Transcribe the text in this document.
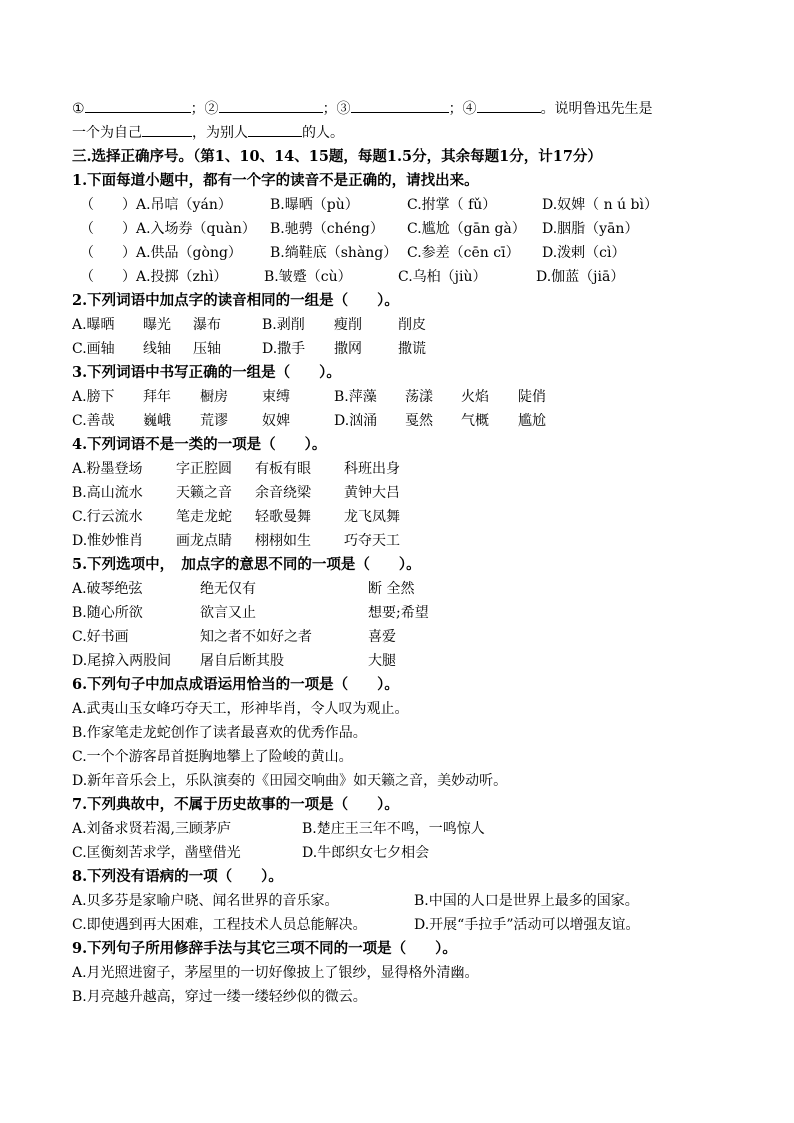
①	；②	；③	；④	。说明鲁迅先生是
一个为自己	，为别人	的人。
三.选择正确序号。（第1、10、14、15题，每题1.5分，其余每题1分，计17分）
1.下面每道小题中，都有一个字的读音不是正确的，请找出来。
（　　）A.吊唁（yán）	B.曝晒（pù）	C.拊掌（ fǔ）	D.奴婢（ n ú bì）
（　　）A.入场券（quàn） B.驰骋（chéng） C.尴尬（gān gà） D.胭脂（yān）
（　　）A.供品（gòng） B.绱鞋底（shàng） C.参差（cēn cī） D.泼剌（cì）
（　　）A.投掷（zhì）	B.皱蹙（cù）	C.乌桕（jiù）	D.伽蓝（jiā）
2.下列词语中加点字的读音相同的一组是（　　）。
A.曝晒 曝光 瀑布	B.剥削 瘦削	削皮
C.画轴 线轴 压轴	D.撒手 撒网	撒谎
3.下列词语中书写正确的一组是（　　）。
A.膀下 拜年 橱房 束缚	B.萍藻 荡漾 火焰 陡俏
C.善哉 巍峨 荒谬 奴婢	D.汹涌 戛然 气概 尴尬
4.下列词语不是一类的一项是（　　）。
A.粉墨登场 字正腔圆 有板有眼 科班出身
B.高山流水 天籁之音 余音绕梁 黄钟大吕
C.行云流水 笔走龙蛇 轻歌曼舞 龙飞凤舞
D.惟妙惟肖 画龙点睛 栩栩如生 巧夺天工
5.下列选项中，　加点字的意思不同的一项是（　　）。
A.破琴绝弦	绝无仅有	断 全然
B.随心所欲	欲言又止	想要;希望
C.好书画	知之者不如好之者	喜爱
D.尾揜入两股间 屠自后断其股	大腿
6.下列句子中加点成语运用恰当的一项是（　　）。
A.武夷山玉女峰巧夺天工，形神毕肖，令人叹为观止。
B.作家笔走龙蛇创作了读者最喜欢的优秀作品。
C.一个个游客昂首挺胸地攀上了险峻的黄山。
D.新年音乐会上，乐队演奏的《田园交响曲》如天籁之音，美妙动听。
7.下列典故中，不属于历史故事的一项是（　　）。
A.刘备求贤若渴,三顾茅庐	B.楚庄王三年不鸣，一鸣惊人
C.匡衡刻苦求学，凿壁借光	D.牛郎织女七夕相会
8.下列没有语病的一项（　　）。
A.贝多芬是家喻户晓、闻名世界的音乐家。	B.中国的人口是世界上最多的国家。
C.即使遇到再大困难，工程技术人员总能解决。	D.开展“手拉手”活动可以增强友谊。
9.下列句子所用修辞手法与其它三项不同的一项是（　　）。
A.月光照进窗子，茅屋里的一切好像披上了银纱，显得格外清幽。
B.月亮越升越高，穿过一缕一缕轻纱似的微云。
